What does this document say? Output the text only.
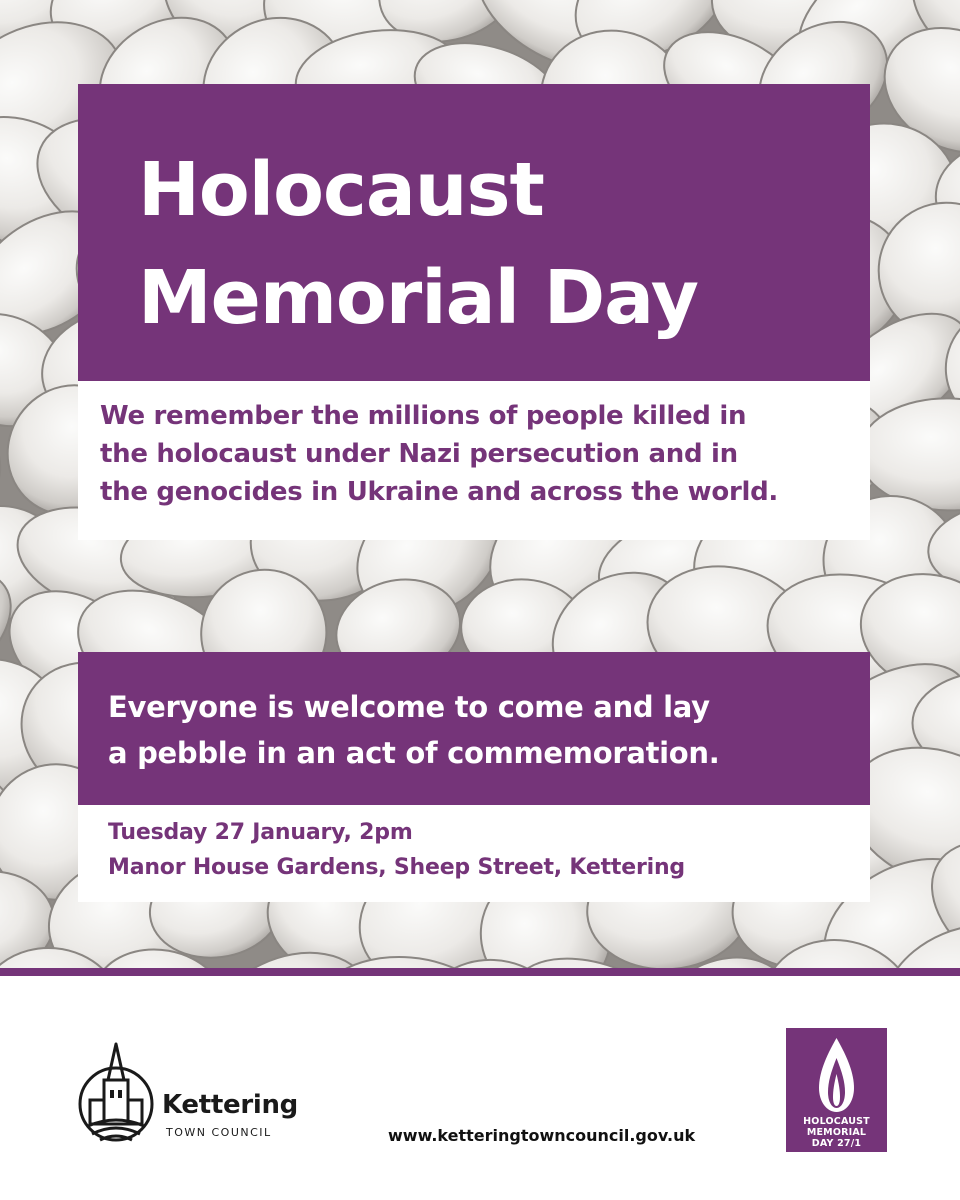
Holocaust
Memorial Day

We remember the millions of people killed in
the holocaust under Nazi persecution and in
the genocides in Ukraine and across the world.

Everyone is welcome to come and lay
a pebble in an act of commemoration.

Tuesday 27 January, 2pm
Manor House Gardens, Sheep Street, Kettering
Kettering
TOWN COUNCIL	www.ketteringtowncouncil.gov.uk
HOLOCAUST
MEMORIAL
DAY 27/1
